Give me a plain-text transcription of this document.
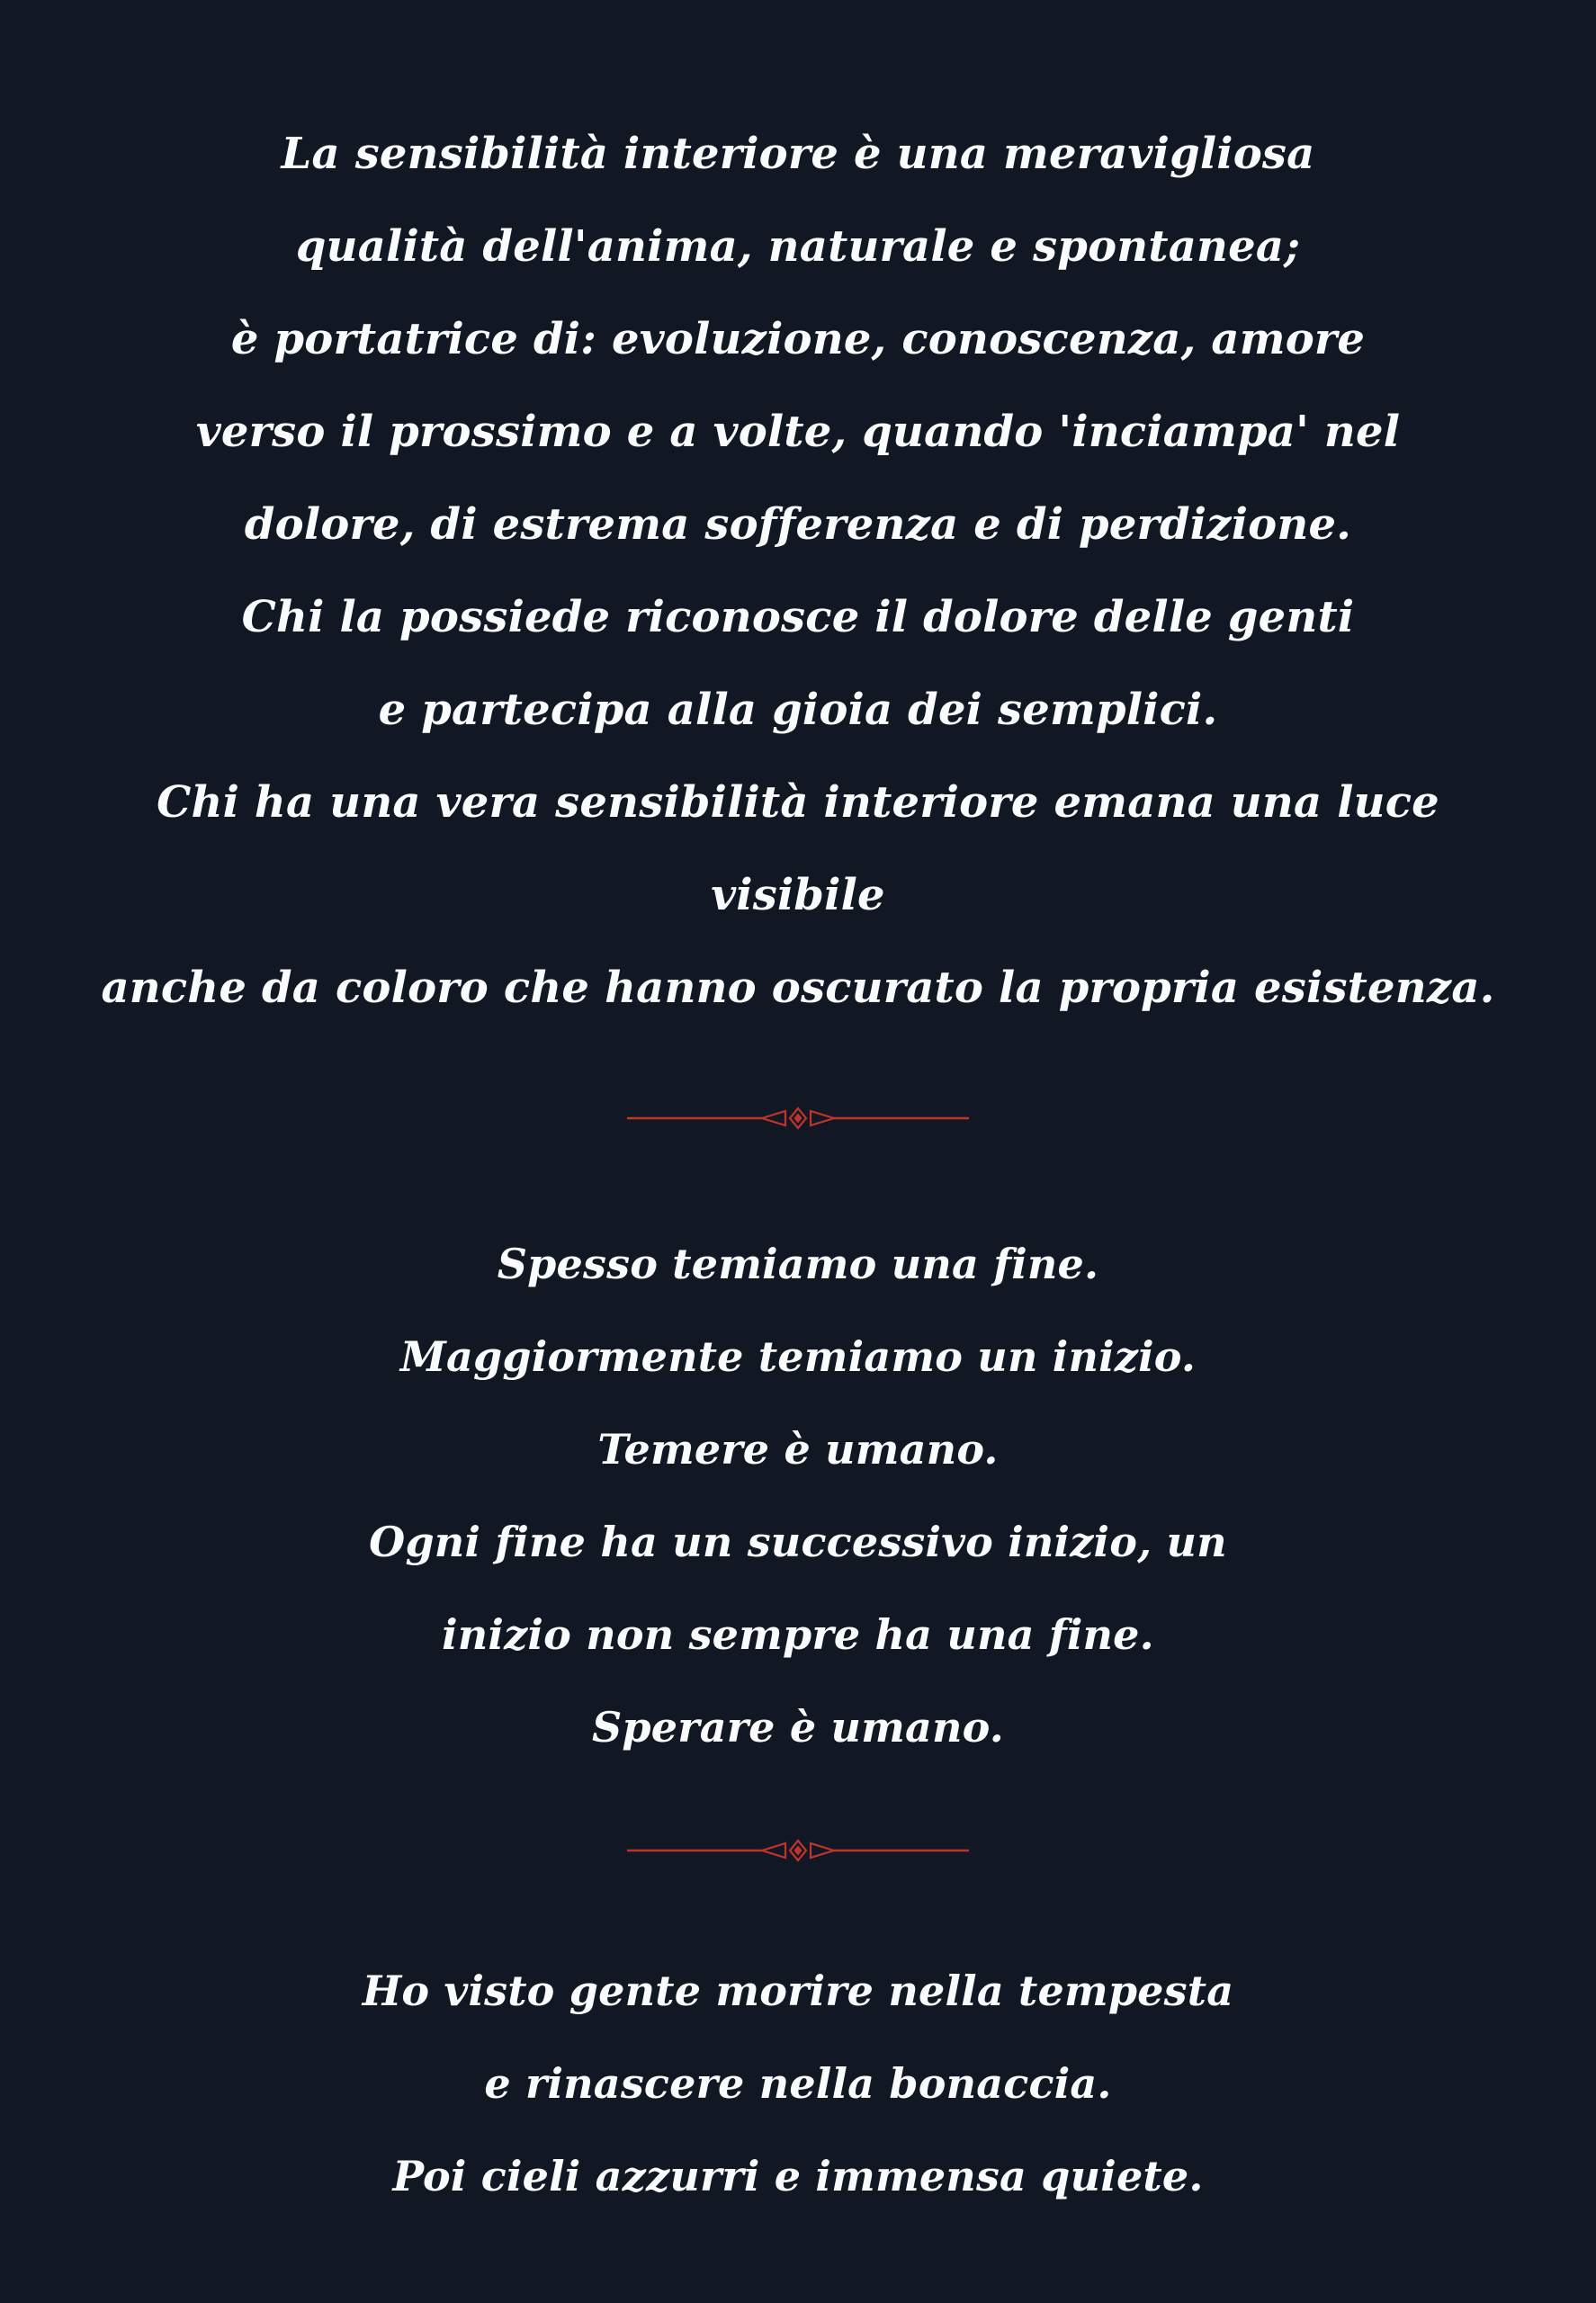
La sensibilità interiore è una meravigliosa
qualità dell'anima, naturale e spontanea;
è portatrice di: evoluzione, conoscenza, amore
verso il prossimo e a volte, quando 'inciampa' nel
dolore, di estrema sofferenza e di perdizione.
Chi la possiede riconosce il dolore delle genti
e partecipa alla gioia dei semplici.
Chi ha una vera sensibilità interiore emana una luce visibile
anche da coloro che hanno oscurato la propria esistenza.
Spesso temiamo una fine.
Maggiormente temiamo un inizio.
Temere è umano.
Ogni fine ha un successivo inizio, un
inizio non sempre ha una fine.
Sperare è umano.
Ho visto gente morire nella tempesta
e rinascere nella bonaccia.
Poi cieli azzurri e immensa quiete.
